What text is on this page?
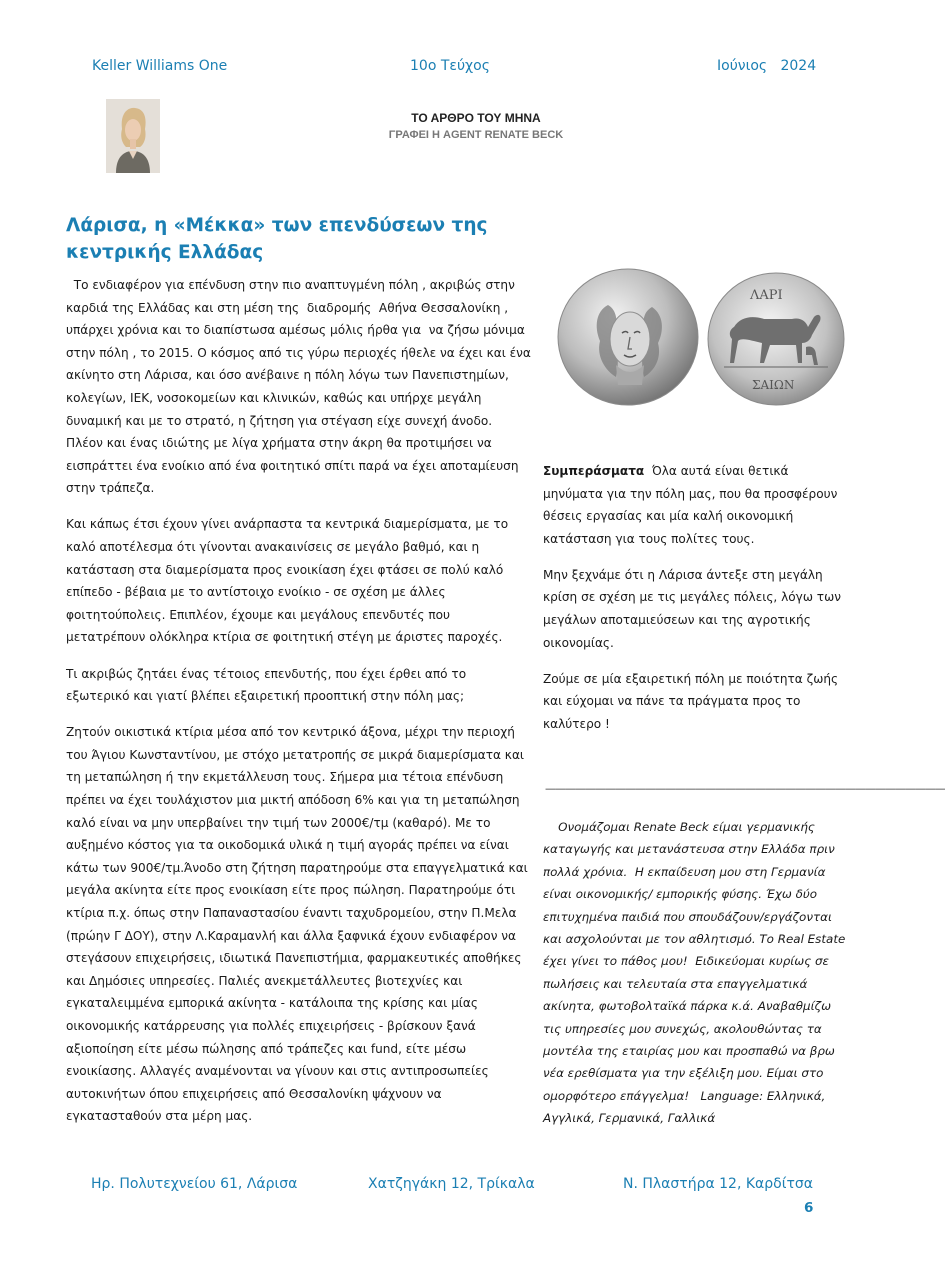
Keller Williams One	10ο Τεύχος	Ιούνιος   2024
ΤΟ ΑΡΘΡΟ ΤΟΥ ΜΗΝΑ
ΓΡΑΦΕΙ Η AGENT RENATE BECK
Λάρισα, η «Μέκκα» των επενδύσεων της κεντρικής Ελλάδας

Το ενδιαφέρον για επένδυση στην πιο αναπτυγμένη πόλη , ακριβώς στην καρδιά της Ελλάδας και στη μέση της  διαδρομής  Αθήνα Θεσσαλονίκη , υπάρχει χρόνια και το διαπίστωσα αμέσως μόλις ήρθα για  να ζήσω μόνιμα στην πόλη , το 2015. Ο κόσμος από τις γύρω περιοχές ήθελε να έχει και ένα ακίνητο στη Λάρισα, και όσο ανέβαινε η πόλη λόγω των Πανεπιστημίων, κολεγίων, ΙΕΚ, νοσοκομείων και κλινικών, καθώς και υπήρχε μεγάλη δυναμική και με το στρατό, η ζήτηση για στέγαση είχε συνεχή άνοδο. Πλέον και ένας ιδιώτης με λίγα χρήματα στην άκρη θα προτιμήσει να εισπράττει ένα ενοίκιο από ένα φοιτητικό σπίτι παρά να έχει αποταμίευση στην τράπεζα.

Και κάπως έτσι έχουν γίνει ανάρπαστα τα κεντρικά διαμερίσματα, με το καλό αποτέλεσμα ότι γίνονται ανακαινίσεις σε μεγάλο βαθμό, και η κατάσταση στα διαμερίσματα προς ενοικίαση έχει φτάσει σε πολύ καλό επίπεδο - βέβαια με το αντίστοιχο ενοίκιο - σε σχέση με άλλες φοιτητούπολεις. Επιπλέον, έχουμε και μεγάλους επενδυτές που μετατρέπουν ολόκληρα κτίρια σε φοιτητική στέγη με άριστες παροχές.

Τι ακριβώς ζητάει ένας τέτοιος επενδυτής, που έχει έρθει από το εξωτερικό και γιατί βλέπει εξαιρετική προοπτική στην πόλη μας;

Ζητούν οικιστικά κτίρια μέσα από τον κεντρικό άξονα, μέχρι την περιοχή του Άγιου Κωνσταντίνου, με στόχο μετατροπής σε μικρά διαμερίσματα και τη μεταπώληση ή την εκμετάλλευση τους. Σήμερα μια τέτοια επένδυση πρέπει να έχει τουλάχιστον μια μικτή απόδοση 6% και για τη μεταπώληση καλό είναι να μην υπερβαίνει την τιμή των 2000€/τμ (καθαρό). Με το αυξημένο κόστος για τα οικοδομικά υλικά η τιμή αγοράς πρέπει να είναι κάτω των 900€/τμ.Άνοδο στη ζήτηση παρατηρούμε στα επαγγελματικά και μεγάλα ακίνητα είτε προς ενοικίαση είτε προς πώληση. Παρατηρούμε ότι κτίρια π.χ. όπως στην Παπαναστασίου έναντι ταχυδρομείου, στην Π.Μελα (πρώην Γ ΔΟΥ), στην Λ.Καραμανλή και άλλα ξαφνικά έχουν ενδιαφέρον να στεγάσουν επιχειρήσεις, ιδιωτικά Πανεπιστήμια, φαρμακευτικές αποθήκες και Δημόσιες υπηρεσίες. Παλιές ανεκμετάλλευτες βιοτεχνίες και εγκαταλειμμένα εμπορικά ακίνητα - κατάλοιπα της κρίσης και μίας οικονομικής κατάρρευσης για πολλές επιχειρήσεις - βρίσκουν ξανά αξιοποίηση είτε μέσω πώλησης από τράπεζες και fund, είτε μέσω ενοικίασης. Αλλαγές αναμένονται να γίνουν και στις αντιπροσωπείες αυτοκινήτων όπου επιχειρήσεις από Θεσσαλονίκη ψάχνουν να εγκατασταθούν στα μέρη μας.

ΛΑΡΙ
ΣΑΙΩΝ

Συμπεράσματα  Όλα αυτά είναι θετικά μηνύματα για την πόλη μας, που θα προσφέρουν θέσεις εργασίας και μία καλή οικονομική κατάσταση για τους πολίτες τους.

Μην ξεχνάμε ότι η Λάρισα άντεξε στη μεγάλη κρίση σε σχέση με τις μεγάλες πόλεις, λόγω των μεγάλων αποταμιεύσεων και της αγροτικής οικονομίας.

Ζούμε σε μία εξαιρετική πόλη με ποιότητα ζωής και εύχομαι να πάνε τα πράγματα προς το καλύτερο !

————————————————————————————————————————
Ονομάζομαι Renate Beck είμαι γερμανικής καταγωγής και μετανάστευσα στην Ελλάδα πριν πολλά χρόνια.  Η εκπαίδευση μου στη Γερμανία είναι οικονομικής/ εμπορικής φύσης. Έχω δύο επιτυχημένα παιδιά που σπουδάζουν/εργάζονται και ασχολούνται με τον αθλητισμό. Το Real Estate έχει γίνει το πάθος μου!  Ειδικεύομαι κυρίως σε πωλήσεις και τελευταία στα επαγγελματικά ακίνητα, φωτοβολταϊκά πάρκα κ.ά. Αναβαθμίζω τις υπηρεσίες μου συνεχώς, ακολουθώντας τα μοντέλα της εταιρίας μου και προσπαθώ να βρω νέα ερεθίσματα για την εξέλιξη μου. Είμαι στο ομορφότερο επάγγελμα!   Language: Ελληνικά, Αγγλικά, Γερμανικά, Γαλλικά
Ηρ. Πολυτεχνείου 61, Λάρισα	Χατζηγάκη 12, Τρίκαλα	Ν. Πλαστήρα 12, Καρδίτσα
6
